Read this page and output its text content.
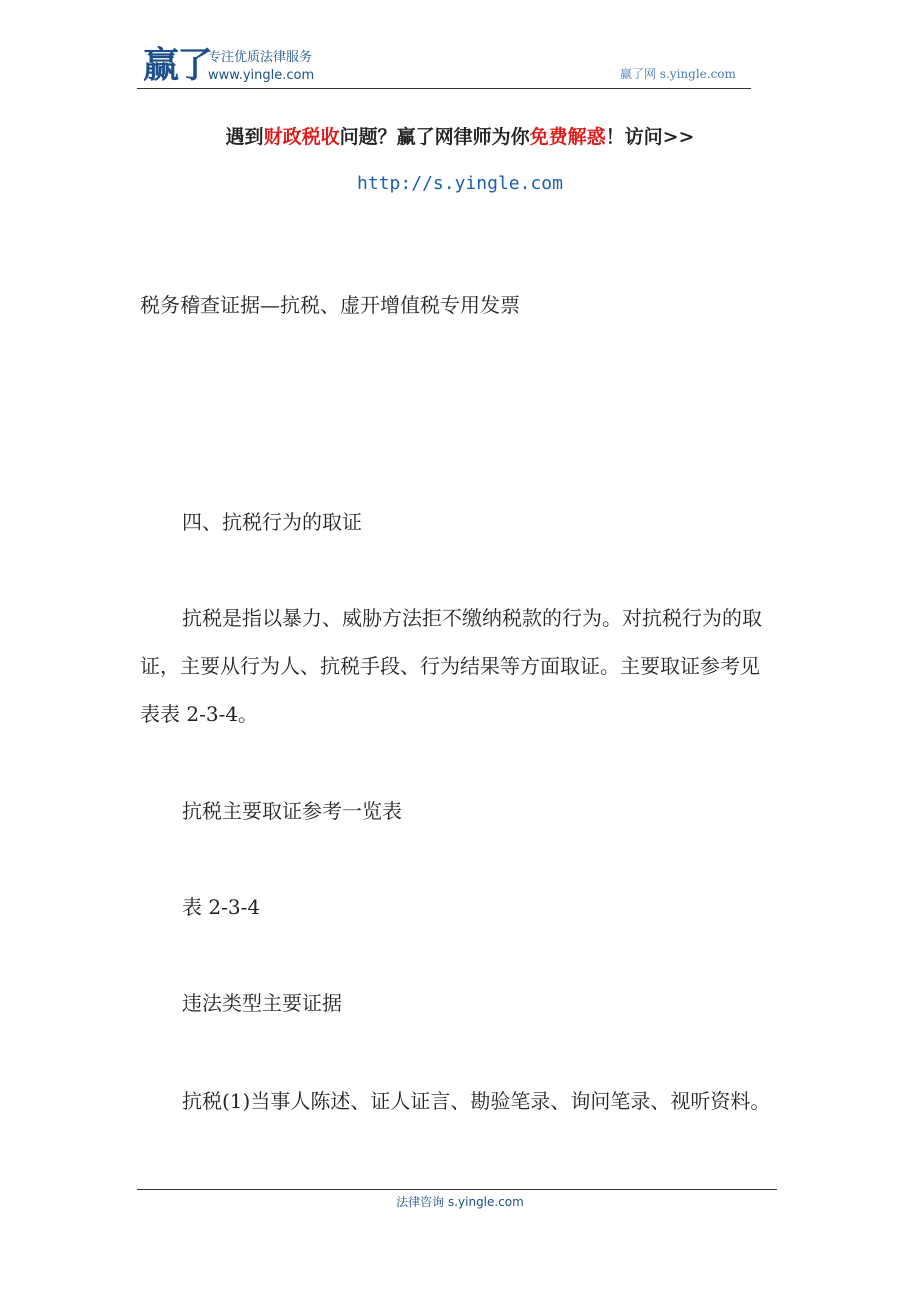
赢了
专注优质法律服务
www.yingle.com	赢了网 s.yingle.com
遇到财政税收问题？赢了网律师为你免费解惑！访问>>
http://s.yingle.com
税务稽查证据—抗税、虚开增值税专用发票
四、抗税行为的取证
抗税是指以暴力、威胁方法拒不缴纳税款的行为。对抗税行为的取证，主要从行为人、抗税手段、行为结果等方面取证。主要取证参考见表表 2-3-4。
抗税主要取证参考一览表
表 2-3-4
违法类型主要证据
抗税(1)当事人陈述、证人证言、勘验笔录、询问笔录、视听资料。
法律咨询 s.yingle.com
